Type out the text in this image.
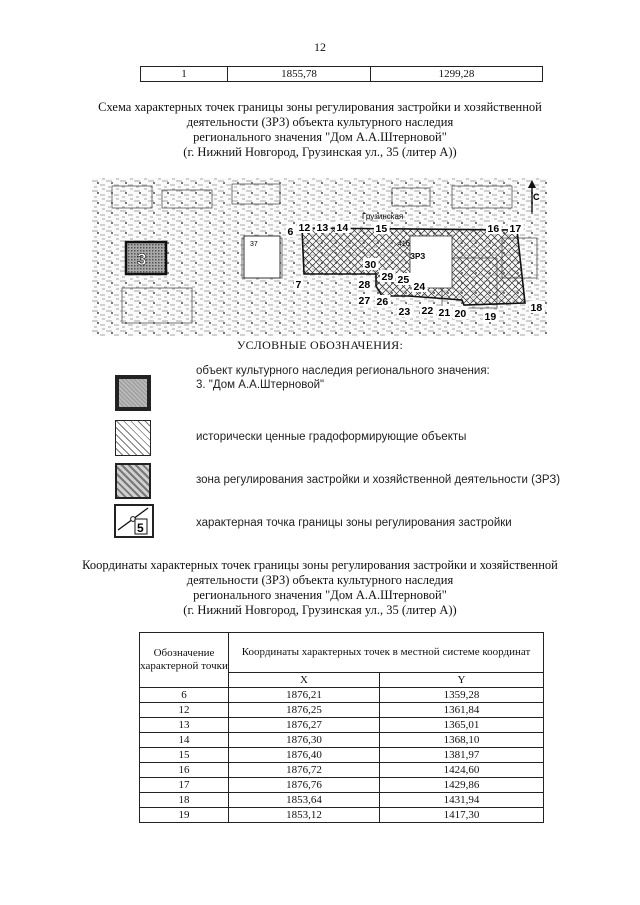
12
1	1855,78	1299,28
Схема характерных точек границы зоны регулирования застройки и хозяйственной
деятельности (ЗРЗ) объекта культурного наследия
регионального значения "Дом А.А.Штерновой"
(г. Нижний Новгород, Грузинская ул., 35 (литер А))
37
ЗРЗ
41б
Грузинская
3
С
6 12 13 14	15	16 17
18
19
20
21
22
23
24
25
26
27
28
29
30
7
УСЛОВНЫЕ ОБОЗНАЧЕНИЯ:
объект культурного наследия регионального значения:
3. "Дом А.А.Штерновой"
исторически ценные градоформирующие объекты
зона регулирования застройки и хозяйственной деятельности (ЗРЗ)
5	характерная точка границы зоны регулирования застройки
Координаты характерных точек границы зоны регулирования застройки и хозяйственной
деятельности (ЗРЗ) объекта культурного наследия
регионального значения "Дом А.А.Штерновой"
(г. Нижний Новгород, Грузинская ул., 35 (литер А))
Обозначение характерной точки	Координаты характерных точек в местной системе координат	
	X	Y
6	1876,21	1359,28
12	1876,25	1361,84
13	1876,27	1365,01
14	1876,30	1368,10
15	1876,40	1381,97
16	1876,72	1424,60
17	1876,76	1429,86
18	1853,64	1431,94
19	1853,12	1417,30
